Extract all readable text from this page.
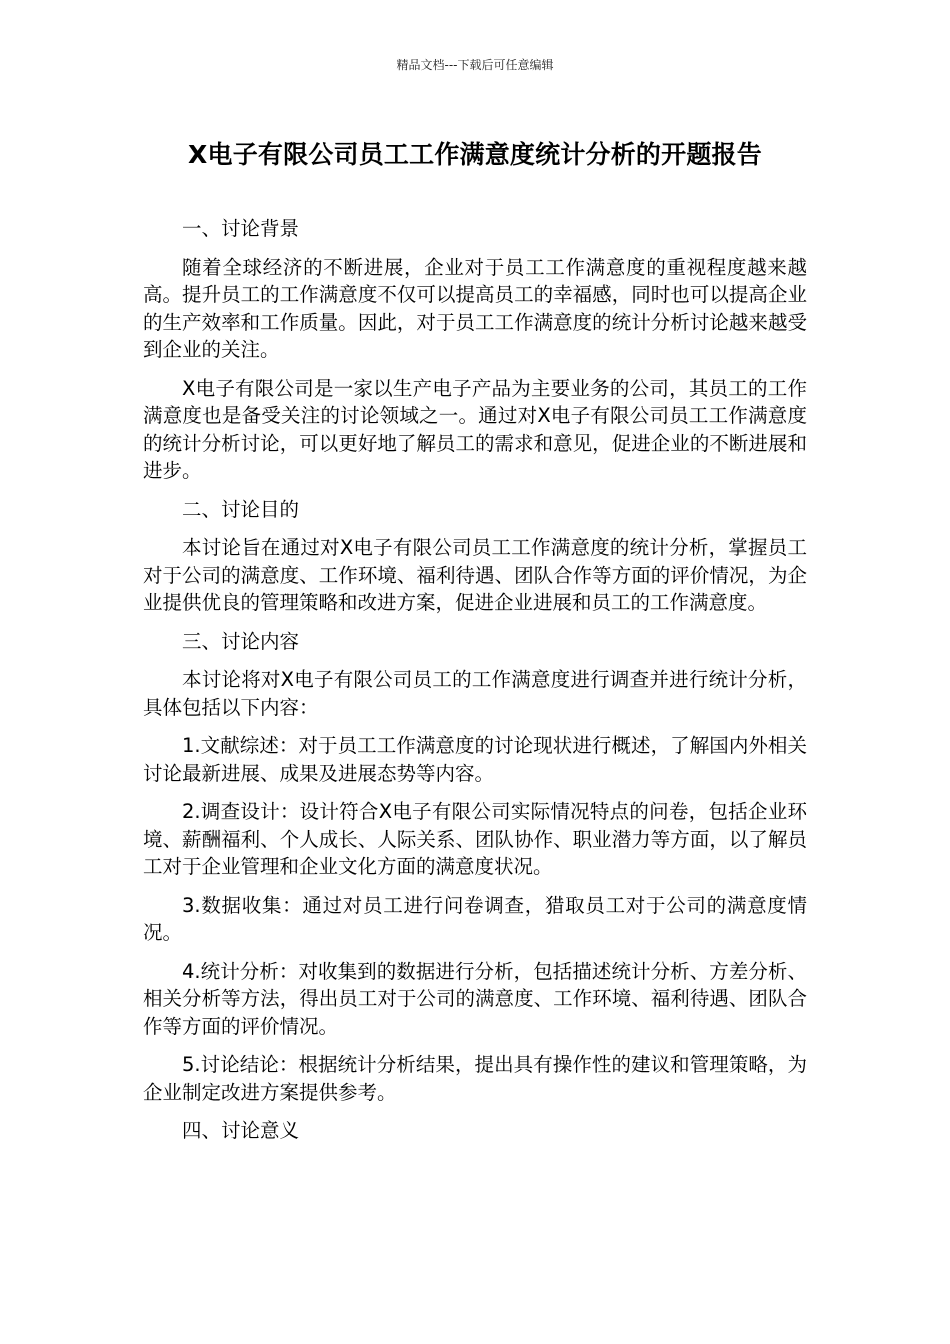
精品文档---下载后可任意编辑
X电子有限公司员工工作满意度统计分析的开题报告

一、讨论背景

随着全球经济的不断进展，企业对于员工工作满意度的重视程度越来越高。提升员工的工作满意度不仅可以提高员工的幸福感，同时也可以提高企业的生产效率和工作质量。因此，对于员工工作满意度的统计分析讨论越来越受到企业的关注。

X电子有限公司是一家以生产电子产品为主要业务的公司，其员工的工作满意度也是备受关注的讨论领域之一。通过对X电子有限公司员工工作满意度的统计分析讨论，可以更好地了解员工的需求和意见，促进企业的不断进展和进步。

二、讨论目的

本讨论旨在通过对X电子有限公司员工工作满意度的统计分析，掌握员工对于公司的满意度、工作环境、福利待遇、团队合作等方面的评价情况，为企业提供优良的管理策略和改进方案，促进企业进展和员工的工作满意度。

三、讨论内容

本讨论将对X电子有限公司员工的工作满意度进行调查并进行统计分析，具体包括以下内容：

1.文献综述：对于员工工作满意度的讨论现状进行概述，了解国内外相关讨论最新进展、成果及进展态势等内容。

2.调查设计：设计符合X电子有限公司实际情况特点的问卷，包括企业环境、薪酬福利、个人成长、人际关系、团队协作、职业潜力等方面，以了解员工对于企业管理和企业文化方面的满意度状况。

3.数据收集：通过对员工进行问卷调查，猎取员工对于公司的满意度情况。

4.统计分析：对收集到的数据进行分析，包括描述统计分析、方差分析、相关分析等方法，得出员工对于公司的满意度、工作环境、福利待遇、团队合作等方面的评价情况。

5.讨论结论：根据统计分析结果，提出具有操作性的建议和管理策略，为企业制定改进方案提供参考。

四、讨论意义
